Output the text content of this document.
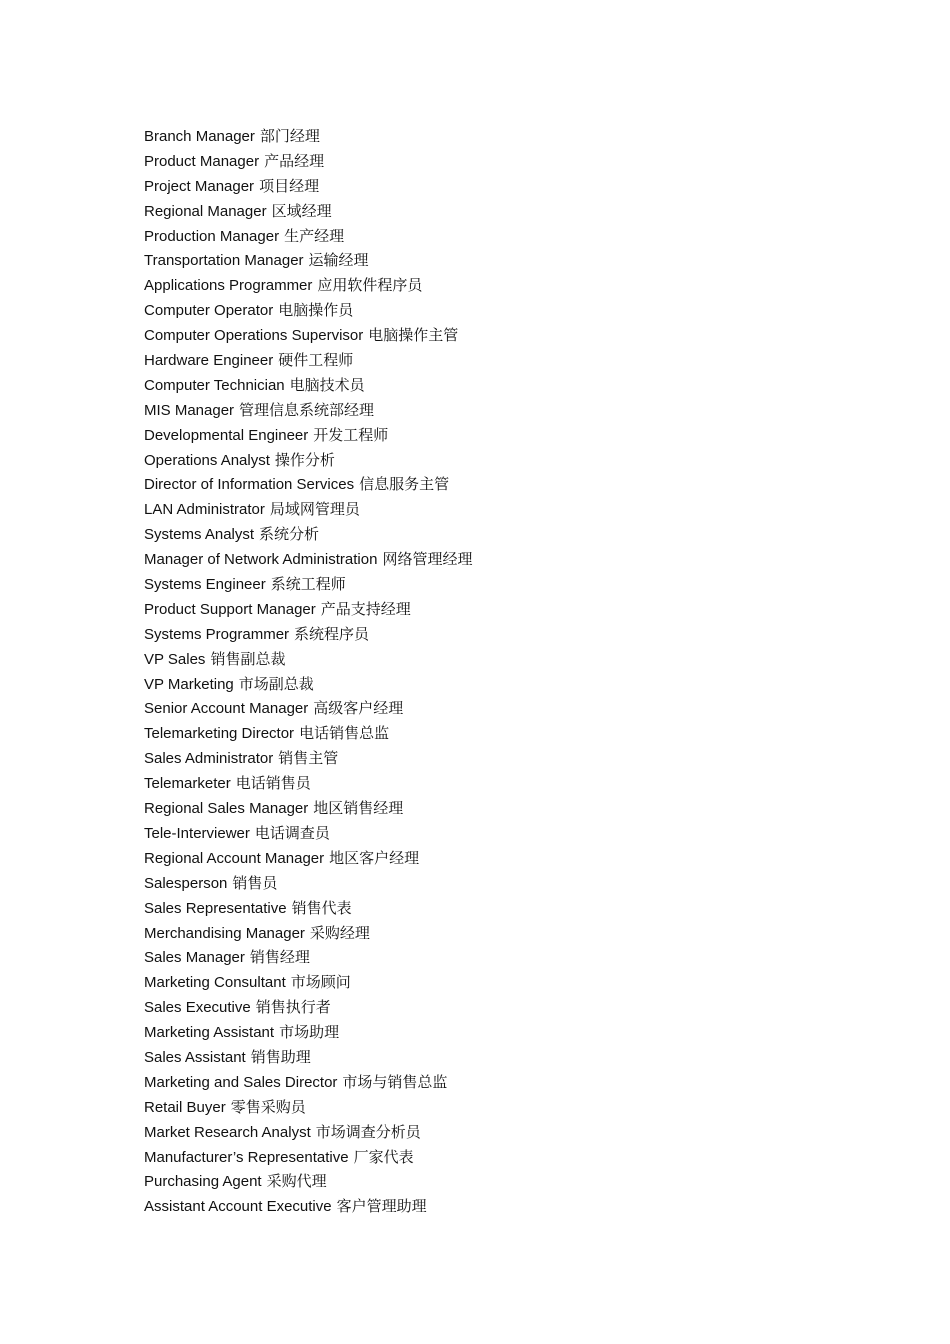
Branch Manager 部门经理
Product Manager 产品经理
Project Manager 项目经理
Regional Manager 区域经理
Production Manager 生产经理
Transportation Manager 运输经理
Applications Programmer 应用软件程序员
Computer Operator 电脑操作员
Computer Operations Supervisor 电脑操作主管
Hardware Engineer 硬件工程师
Computer Technician 电脑技术员
MIS Manager 管理信息系统部经理
Developmental Engineer 开发工程师
Operations Analyst 操作分析
Director of Information Services 信息服务主管
LAN Administrator 局域网管理员
Systems Analyst 系统分析
Manager of Network Administration 网络管理经理
Systems Engineer 系统工程师
Product Support Manager 产品支持经理
Systems Programmer 系统程序员
VP Sales 销售副总裁
VP Marketing 市场副总裁
Senior Account Manager 高级客户经理
Telemarketing Director 电话销售总监
Sales Administrator 销售主管
Telemarketer 电话销售员
Regional Sales Manager 地区销售经理
Tele-Interviewer 电话调查员
Regional Account Manager 地区客户经理
Salesperson 销售员
Sales Representative 销售代表
Merchandising Manager 采购经理
Sales Manager 销售经理
Marketing Consultant 市场顾问
Sales Executive 销售执行者
Marketing Assistant 市场助理
Sales Assistant 销售助理
Marketing and Sales Director 市场与销售总监
Retail Buyer 零售采购员
Market Research Analyst 市场调查分析员
Manufacturer’s Representative 厂家代表
Purchasing Agent 采购代理
Assistant Account Executive 客户管理助理
